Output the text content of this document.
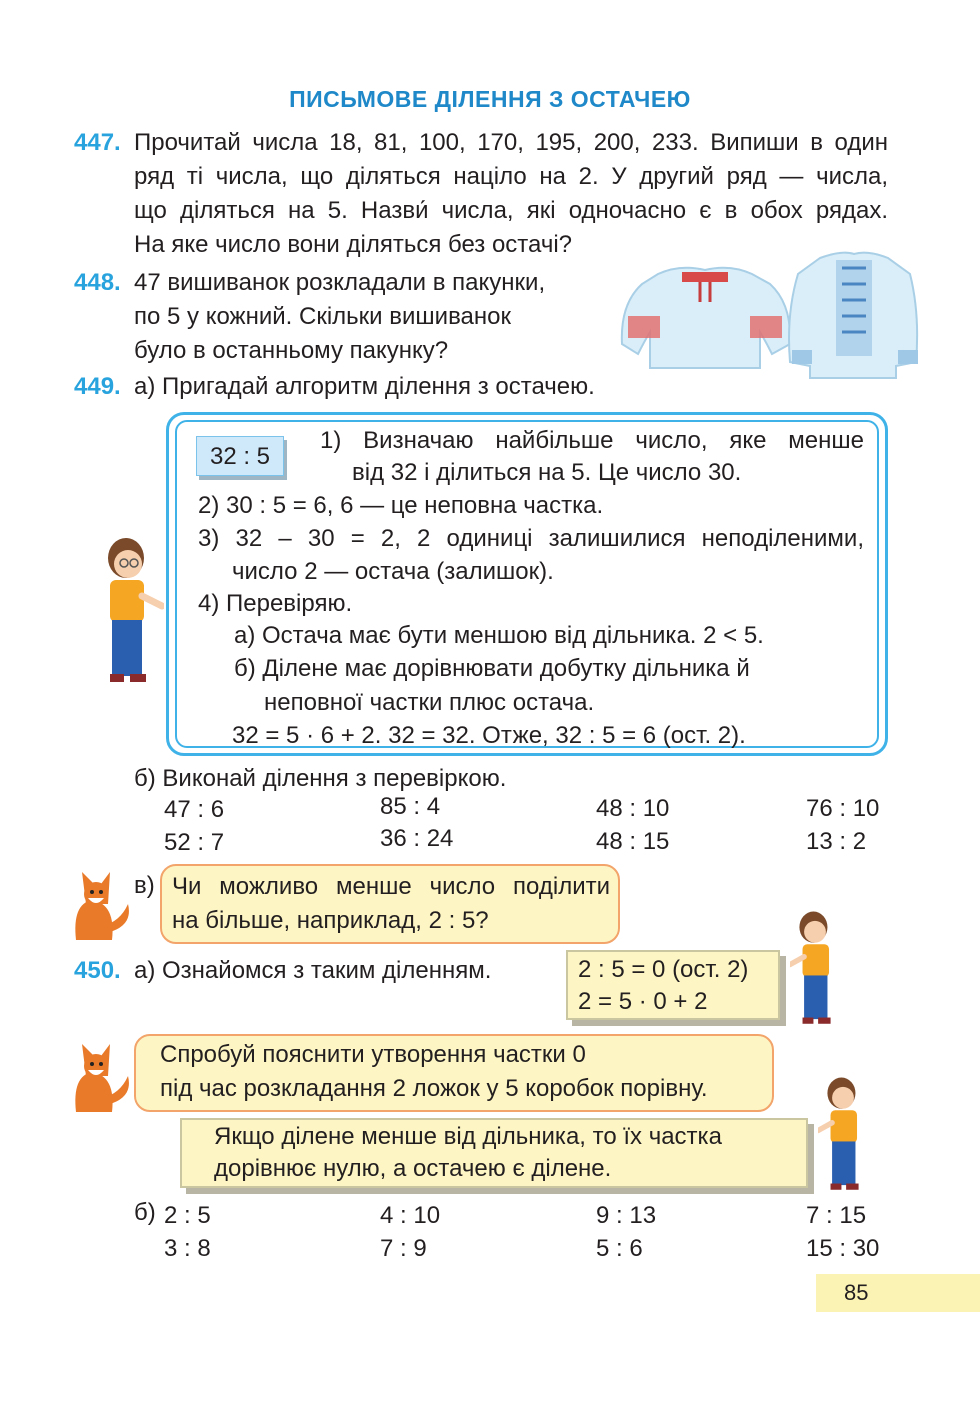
ПИСЬМОВЕ ДІЛЕННЯ З ОСТАЧЕЮ
447. Прочитай числа 18, 81, 100, 170, 195, 200, 233. Випиши в один
ряд ті числа, що діляться націло на 2. У другий ряд — числа,
що діляться на 5. Назви́ числа, які одночасно є в обох рядах.
На яке число вони діляться без остачі?
448. 47 вишиванок розкладали в пакунки,
по 5 у кожний. Скільки вишиванок
було в останньому пакунку?
449. а) Пригадай алгоритм ділення з остачею.
32 : 5
1) Визначаю найбільше число, яке менше
від 32 і ділиться на 5. Це число 30.
2) 30 : 5 = 6, 6 — це неповна частка.
3) 32 – 30 = 2, 2 одиниці залишилися неподіленими,
число 2 — остача (залишок).
4) Перевіряю.
а) Остача має бути меншою від дільника. 2 < 5.
б) Ділене має дорівнювати добутку дільника й
неповної частки плюс остача.
32 = 5 · 6 + 2. 32 = 32. Отже, 32 : 5 = 6 (ост. 2).
б) Виконай ділення з перевіркою.
47 : 6	85 : 4	48 : 10	76 : 10
52 : 7	36 : 24	48 : 15	13 : 2
в) Чи можливо менше число поділити
на більше, наприклад, 2 : 5?
450. а) Ознайомся з таким діленням.	2 : 5 = 0 (ост. 2)
2 = 5 · 0 + 2
Спробуй пояснити утворення частки 0
під час розкладання 2 ложок у 5 коробок порівну.
Якщо ділене менше від дільника, то їх частка
дорівнює нулю, а остачею є ділене.
б) 2 : 5	4 : 10	9 : 13	7 : 15
3 : 8	7 : 9	5 : 6	15 : 30
85
